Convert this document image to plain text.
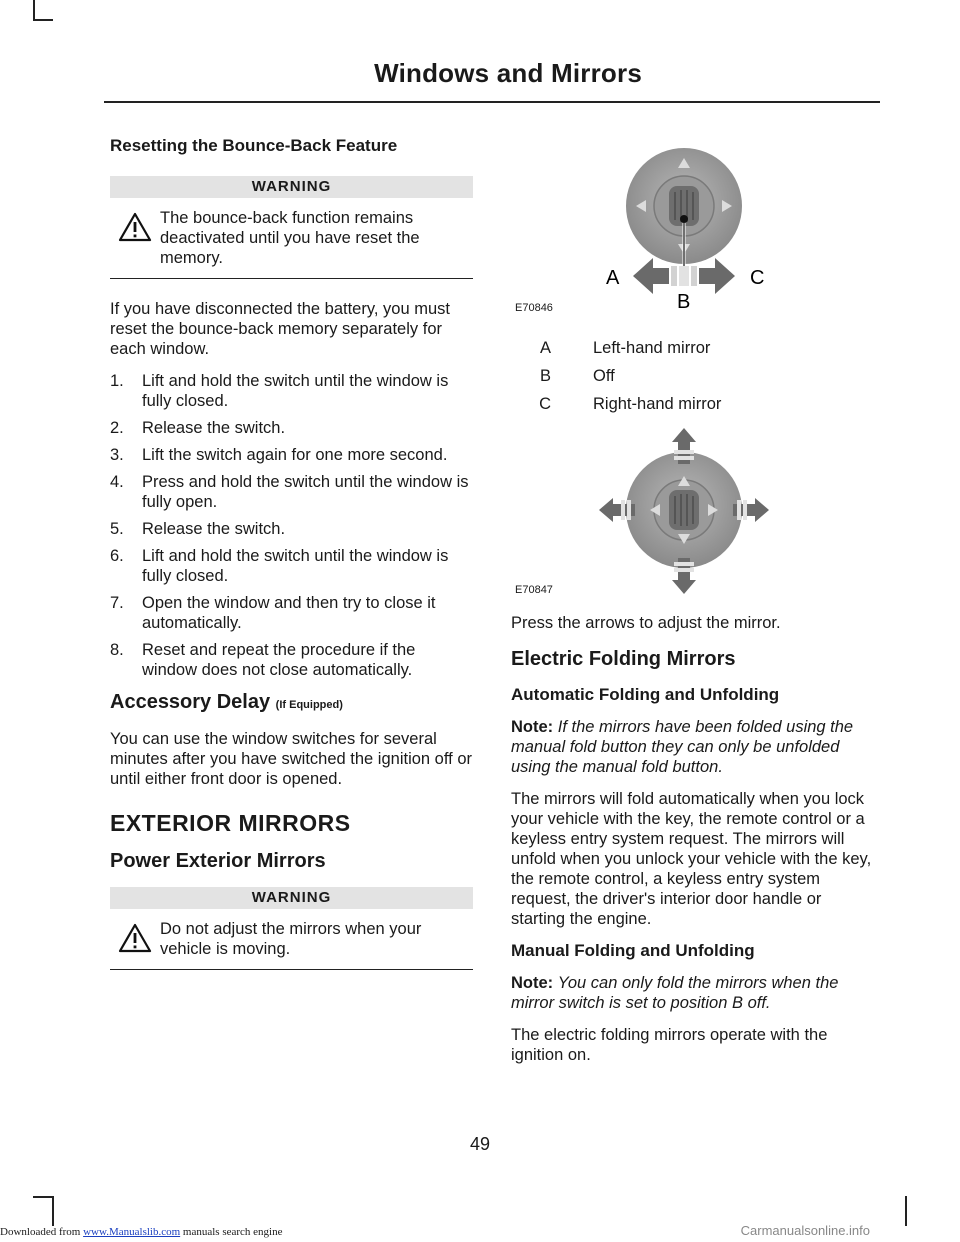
Windows and Mirrors
Resetting the Bounce-Back Feature
WARNING
The bounce-back function remains deactivated until you have reset the memory.

If you have disconnected the battery, you must reset the bounce-back memory separately for each window.

1.	Lift and hold the switch until the window is fully closed.
2.	Release the switch.
3.	Lift the switch again for one more second.
4.	Press and hold the switch until the window is fully open.
5.	Release the switch.
6.	Lift and hold the switch until the window is fully closed.
7.	Open the window and then try to close it automatically.
8.	Reset and repeat the procedure if the window does not close automatically.
Accessory Delay (If Equipped)

You can use the window switches for several minutes after you have switched the ignition off or until either front door is opened.

EXTERIOR MIRRORS
Power Exterior Mirrors
WARNING
Do not adjust the mirrors when your vehicle is moving.
A	C
B
E70846
A	Left-hand mirror
B	Off
C	Right-hand mirror
E70847

Press the arrows to adjust the mirror.

Electric Folding Mirrors
Automatic Folding and Unfolding

Note: If the mirrors have been folded using the manual fold button they can only be unfolded using the manual fold button.

The mirrors will fold automatically when you lock your vehicle with the key, the remote control or a keyless entry system request. The mirrors will unfold when you unlock your vehicle with the key, the remote control, a keyless entry system request, the driver's interior door handle or starting the engine.

Manual Folding and Unfolding

Note: You can only fold the mirrors when the mirror switch is set to position B off.

The electric folding mirrors operate with the ignition on.

49
Downloaded from www.Manualslib.com manuals search engine	Carmanualsonline.info
